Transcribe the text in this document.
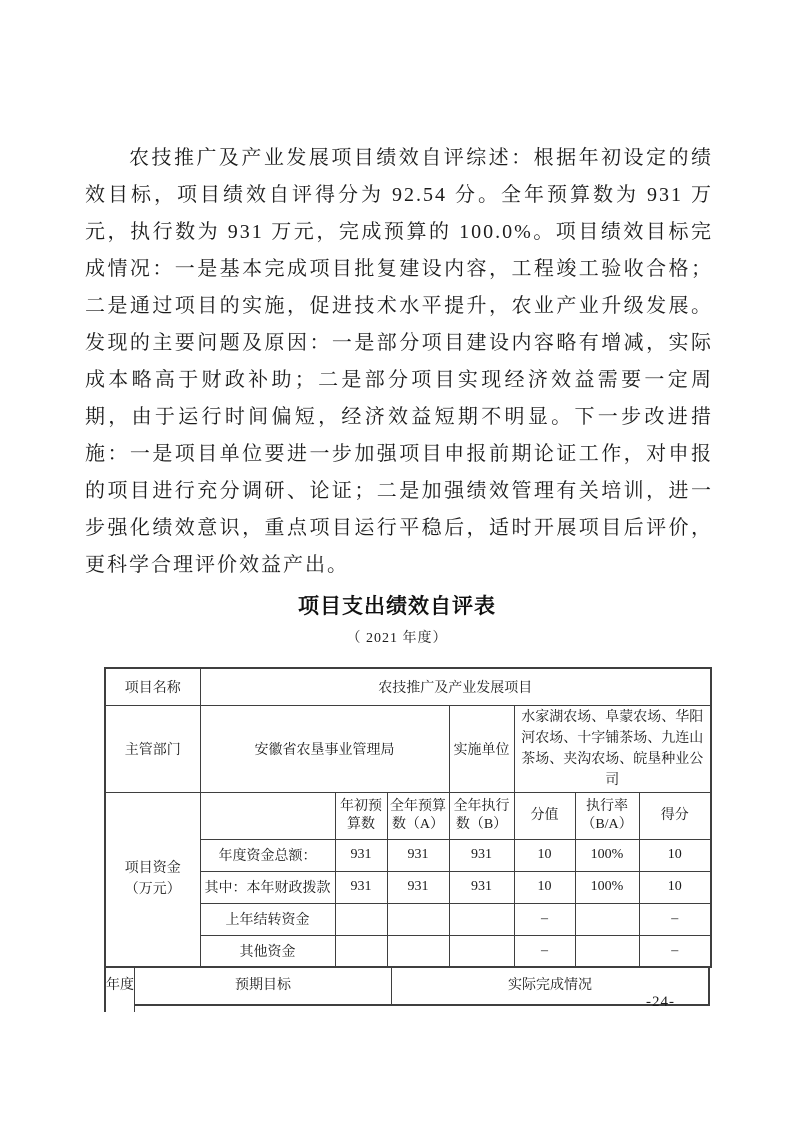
农技推广及产业发展项目绩效自评综述：根据年初设定的绩效目标，项目绩效自评得分为 92.54 分。全年预算数为 931 万元，执行数为 931 万元，完成预算的 100.0%。项目绩效目标完成情况：一是基本完成项目批复建设内容，工程竣工验收合格；二是通过项目的实施，促进技术水平提升，农业产业升级发展。发现的主要问题及原因：一是部分项目建设内容略有增减，实际成本略高于财政补助；二是部分项目实现经济效益需要一定周期，由于运行时间偏短，经济效益短期不明显。下一步改进措施：一是项目单位要进一步加强项目申报前期论证工作，对申报的项目进行充分调研、论证；二是加强绩效管理有关培训，进一步强化绩效意识，重点项目运行平稳后，适时开展项目后评价，更科学合理评价效益产出。

项目支出绩效自评表
（ 2021 年度）
项目名称	农技推广及产业发展项目						
主管部门	安徽省农垦事业管理局			实施单位	水家湖农场、阜蒙农场、华阳河农场、十字铺茶场、九连山茶场、夹沟农场、皖垦种业公司		

项目资金
（万元）		年初预算数	全年预算数（A）	全年执行数（B）	分值	执行率（B/A）	得分
	年度资金总额：	931	931	931	10	100%	10
	其中：本年财政拨款	931	931	931	10	100%	10
	上年结转资金				–		–
	其他资金				–		–
年度	预期目标	实际完成情况
-24-
